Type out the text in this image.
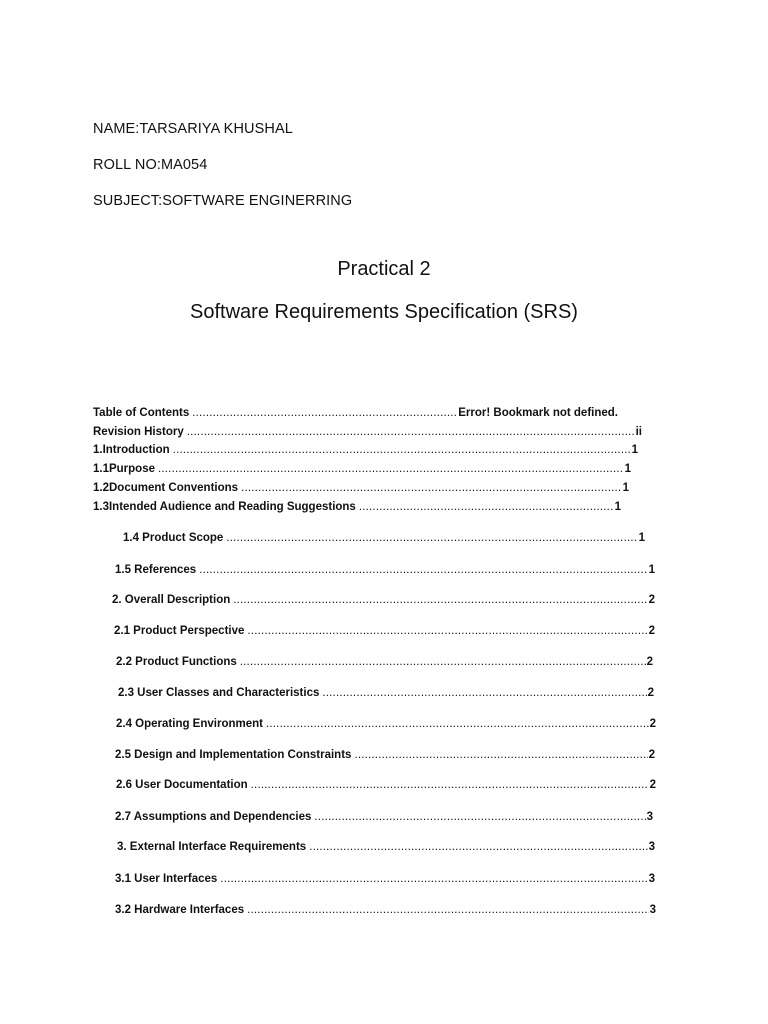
NAME:TARSARIYA KHUSHAL
ROLL NO:MA054
SUBJECT:SOFTWARE ENGINERRING
Practical 2
Software Requirements Specification (SRS)
Table of Contents .....	Error! Bookmark not defined.
Revision History .....	ii
1.Introduction .....	1
1.1Purpose .....	1
1.2Document Conventions .....	1
1.3Intended Audience and Reading Suggestions .....	1
1.4 Product Scope .....	1
1.5 References .....	1
2. Overall Description .....	2
2.1 Product Perspective .....	2
2.2 Product Functions .....	2
2.3 User Classes and Characteristics .....	2
2.4 Operating Environment .....	2
2.5 Design and Implementation Constraints .....	2
2.6 User Documentation .....	2
2.7 Assumptions and Dependencies .....	3
3. External Interface Requirements .....	3
3.1 User Interfaces .....	3
3.2 Hardware Interfaces .....	3
